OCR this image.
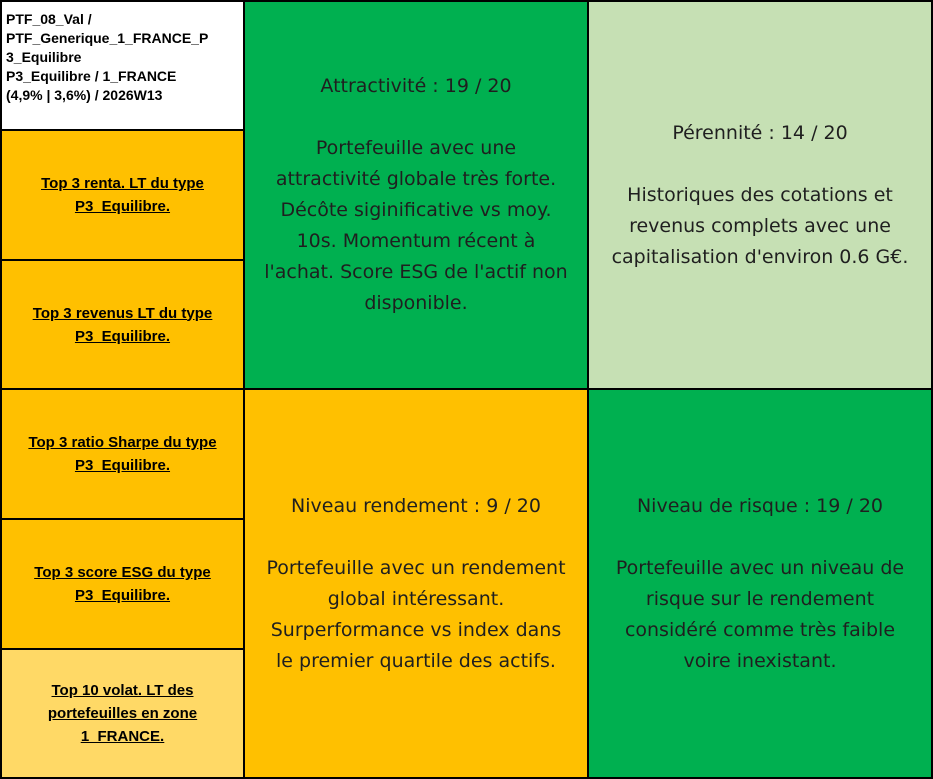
PTF_08_Val /
PTF_Generique_1_FRANCE_P
3_Equilibre
P3_Equilibre / 1_FRANCE
(4,9% | 3,6%) / 2026W13
Top 3 renta. LT du type
P3_Equilibre.
Top 3 revenus LT du type
P3_Equilibre.
Top 3 ratio Sharpe du type
P3_Equilibre.
Top 3 score ESG du type
P3_Equilibre.
Top 10 volat. LT des
portefeuilles en zone
1_FRANCE.
Attractivité : 19 / 20
Portefeuille avec une
attractivité globale très forte.
Décôte siginificative vs moy.
10s. Momentum récent à
l'achat. Score ESG de l'actif non
disponible.
Pérennité : 14 / 20
Historiques des cotations et
revenus complets avec une
capitalisation d'environ 0.6 G€.
Niveau rendement : 9 / 20
Portefeuille avec un rendement
global intéressant.
Surperformance vs index dans
le premier quartile des actifs.
Niveau de risque : 19 / 20
Portefeuille avec un niveau de
risque sur le rendement
considéré comme très faible
voire inexistant.
